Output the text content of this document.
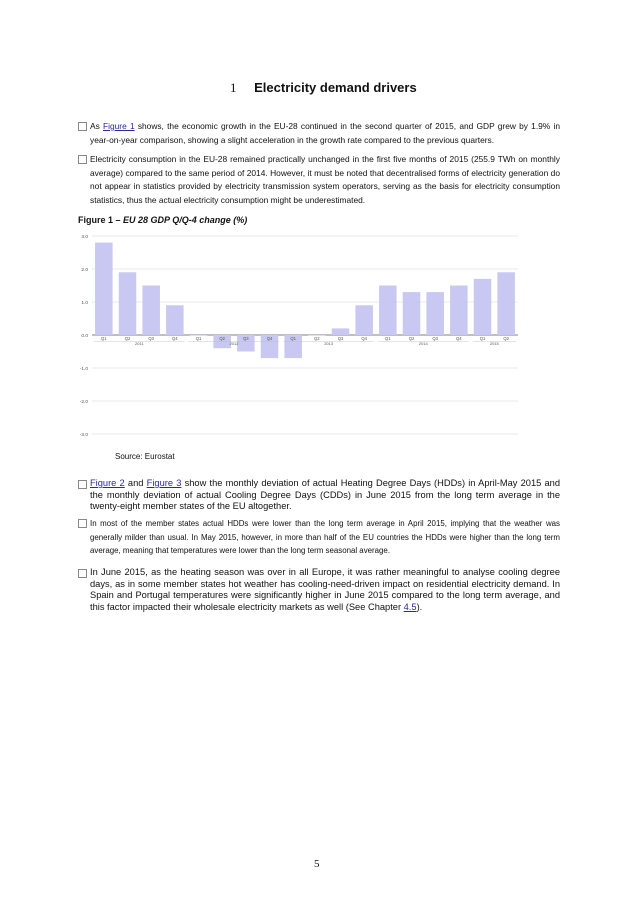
1 Electricity demand drivers
As Figure 1 shows, the economic growth in the EU-28 continued in the second quarter of 2015, and GDP grew by 1.9% in year-on-year comparison, showing a slight acceleration in the growth rate compared to the previous quarters.
Electricity consumption in the EU-28 remained practically unchanged in the first five months of 2015 (255.9 TWh on monthly average) compared to the same period of 2014. However, it must be noted that decentralised forms of electricity generation do not appear in statistics provided by electricity transmission system operators, serving as the basis for electricity consumption statistics, thus the actual electricity consumption might be underestimated.
Figure 1 – EU 28 GDP Q/Q-4 change (%)
3.0
2.0
1.0
0.0
-1.0
-2.0
-3.0
Q1	Q2	Q3	Q4	Q1	Q2	Q3	Q4	Q1	Q2	Q3	Q4	Q1	Q2	Q3	Q4	Q1	Q2
2011	2012	2013	2014	2015
Source: Eurostat
Figure 2 and Figure 3 show the monthly deviation of actual Heating Degree Days (HDDs) in April-May 2015 and the monthly deviation of actual Cooling Degree Days (CDDs) in June 2015 from the long term average in the twenty-eight member states of the EU altogether.
In most of the member states actual HDDs were lower than the long term average in April 2015, implying that the weather was generally milder than usual. In May 2015, however, in more than half of the EU countries the HDDs were higher than the long term average, meaning that temperatures were lower than the long term seasonal average.
In June 2015, as the heating season was over in all Europe, it was rather meaningful to analyse cooling degree days, as in some member states hot weather has cooling-need-driven impact on residential electricity demand. In Spain and Portugal temperatures were significantly higher in June 2015 compared to the long term average, and this factor impacted their wholesale electricity markets as well (See Chapter 4.5).
5
